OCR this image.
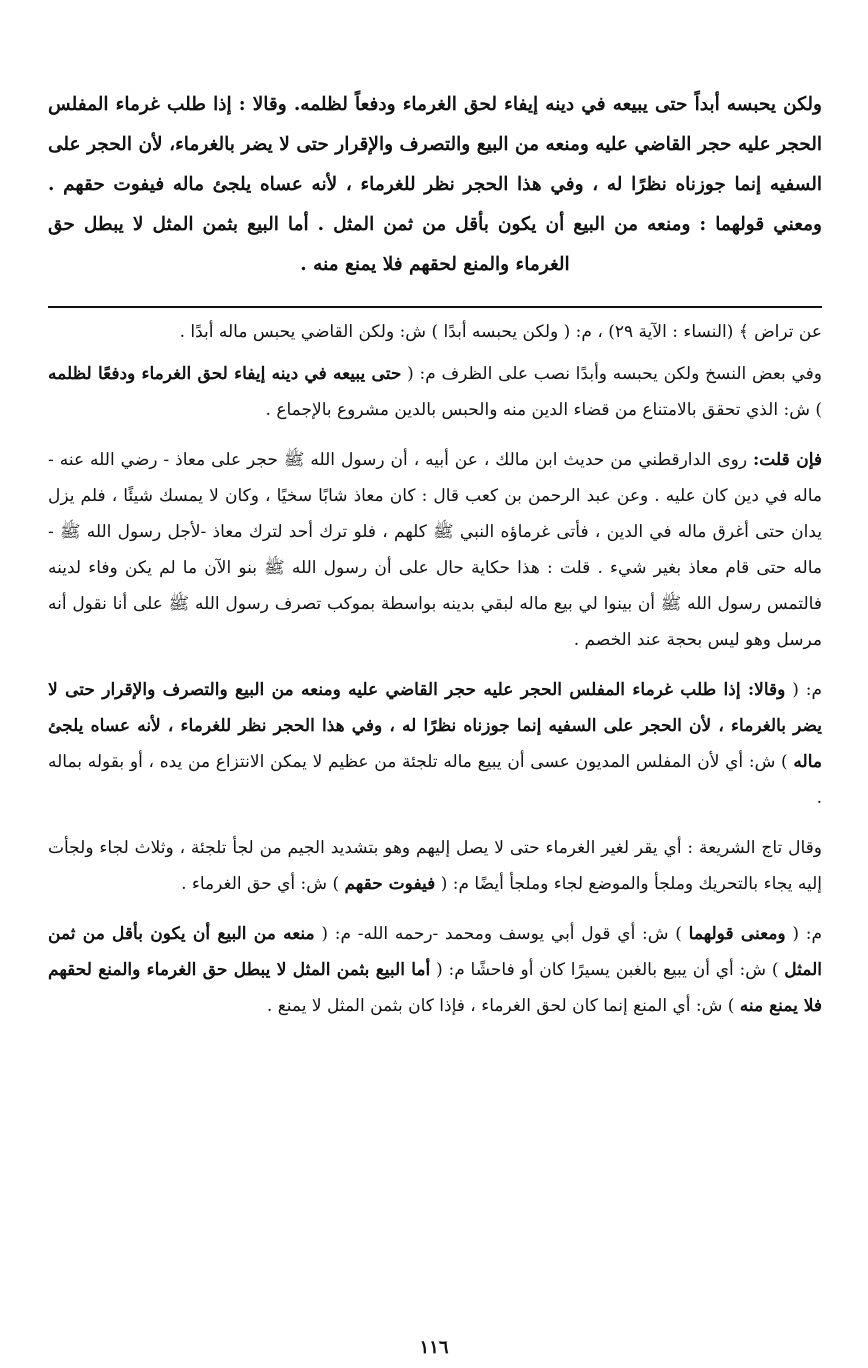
ولكن يحبسه أبداً حتى يبيعه في دينه إيفاء لحق الغرماء ودفعاً لظلمه. وقالا : إذا طلب غرماء المفلس الحجر عليه حجر القاضي عليه ومنعه من البيع والتصرف والإقرار حتى لا يضر بالغرماء، لأن الحجر على السفيه إنما جوزناه نظرًا له ، وفي هذا الحجر نظر للغرماء ، لأنه عساه يلجئ ماله فيفوت حقهم . ومعني قولهما : ومنعه من البيع أن يكون بأقل من ثمن المثل . أما البيع بثمن المثل لا يبطل حق الغرماء والمنع لحقهم فلا يمنع منه .

عن تراض ﴾ (النساء : الآية ٢٩) ، م: ( ولكن يحبسه أبدًا ) ش: ولكن القاضي يحبس ماله أبدًا .

وفي بعض النسخ ولكن يحبسه وأبدًا نصب على الظرف م: ( حتى يبيعه في دينه إيفاء لحق الغرماء ودفعًا لظلمه ) ش: الذي تحقق بالامتناع من قضاء الدين منه والحبس بالدين مشروع بالإجماع .

فإن قلت: روى الدارقطني من حديث ابن مالك ، عن أبيه ، أن رسول الله ﷺ حجر على معاذ - رضي الله عنه - ماله في دين كان عليه . وعن عبد الرحمن بن كعب قال : كان معاذ شابًا سخيًا ، وكان لا يمسك شيئًا ، فلم يزل يدان حتى أغرق ماله في الدين ، فأتى غرماؤه النبي ﷺ كلهم ، فلو ترك أحد لترك معاذ -لأجل رسول الله ﷺ - ماله حتى قام معاذ بغير شيء . قلت : هذا حكاية حال على أن رسول الله ﷺ بنو الآن ما لم يكن وفاء لدينه فالتمس رسول الله ﷺ أن بينوا لي بيع ماله لبقي بدينه بواسطة بموكب تصرف رسول الله ﷺ على أنا نقول أنه مرسل وهو ليس بحجة عند الخصم .

م: ( وقالا: إذا طلب غرماء المفلس الحجر عليه حجر القاضي عليه ومنعه من البيع والتصرف والإقرار حتى لا يضر بالغرماء ، لأن الحجر على السفيه إنما جوزناه نظرًا له ، وفي هذا الحجر نظر للغرماء ، لأنه عساه يلجئ ماله ) ش: أي لأن المفلس المديون عسى أن يبيع ماله تلجئة من عظيم لا يمكن الانتزاع من يده ، أو بقوله بماله .

وقال تاج الشريعة : أي يقر لغير الغرماء حتى لا يصل إليهم وهو بتشديد الجيم من لجأ تلجئة ، وثلاث لجاء ولجأت إليه يجاء بالتحريك وملجأ والموضع لجاء وملجأ أيضًا م: ( فيفوت حقهم ) ش: أي حق الغرماء .

م: ( ومعنى قولهما ) ش: أي قول أبي يوسف ومحمد -رحمه الله- م: ( منعه من البيع أن يكون بأقل من ثمن المثل ) ش: أي أن يبيع بالغبن يسيرًا كان أو فاحشًا م: ( أما البيع بثمن المثل لا يبطل حق الغرماء والمنع لحقهم فلا يمنع منه ) ش: أي المنع إنما كان لحق الغرماء ، فإذا كان بثمن المثل لا يمنع .

١١٦
